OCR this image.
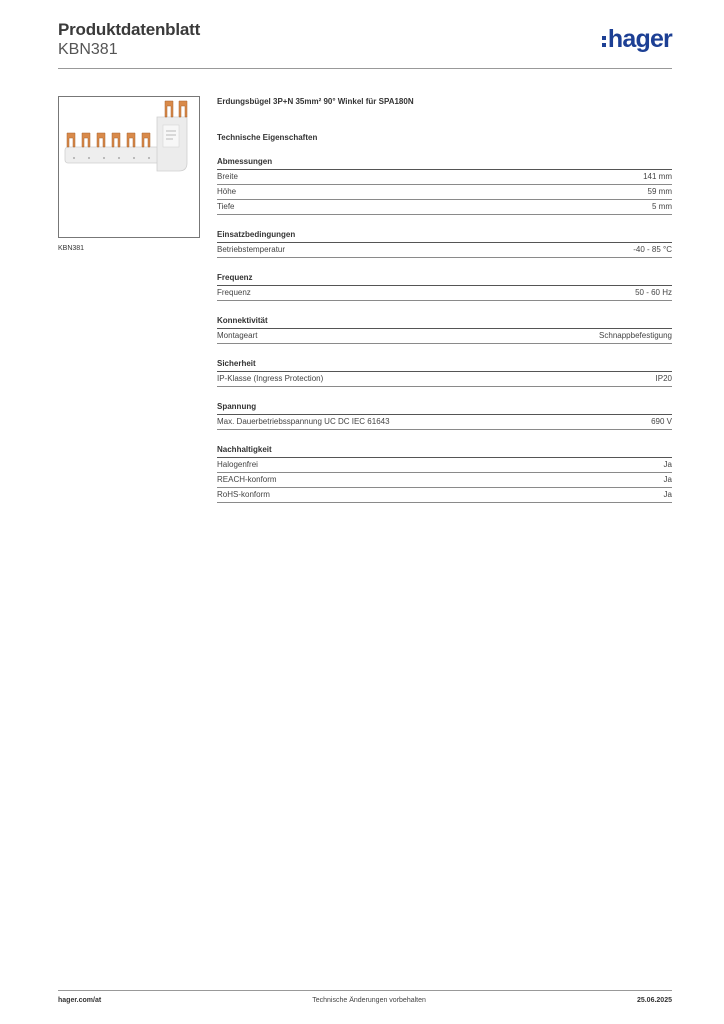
Produktdatenblatt
KBN381	hager
KBN381
Erdungsbügel 3P+N 35mm² 90° Winkel für SPA180N
Technische Eigenschaften
Abmessungen
Breite	141 mm
Höhe	59 mm
Tiefe	5 mm
Einsatzbedingungen
Betriebstemperatur	-40 - 85 °C
Frequenz
Frequenz	50 - 60 Hz
Konnektivität
Montageart	Schnappbefestigung
Sicherheit
IP-Klasse (Ingress Protection)	IP20
Spannung
Max. Dauerbetriebsspannung UC DC IEC 61643	690 V
Nachhaltigkeit
Halogenfrei	Ja
REACH-konform	Ja
RoHS-konform	Ja
hager.com/at	Technische Änderungen vorbehalten	25.06.2025
